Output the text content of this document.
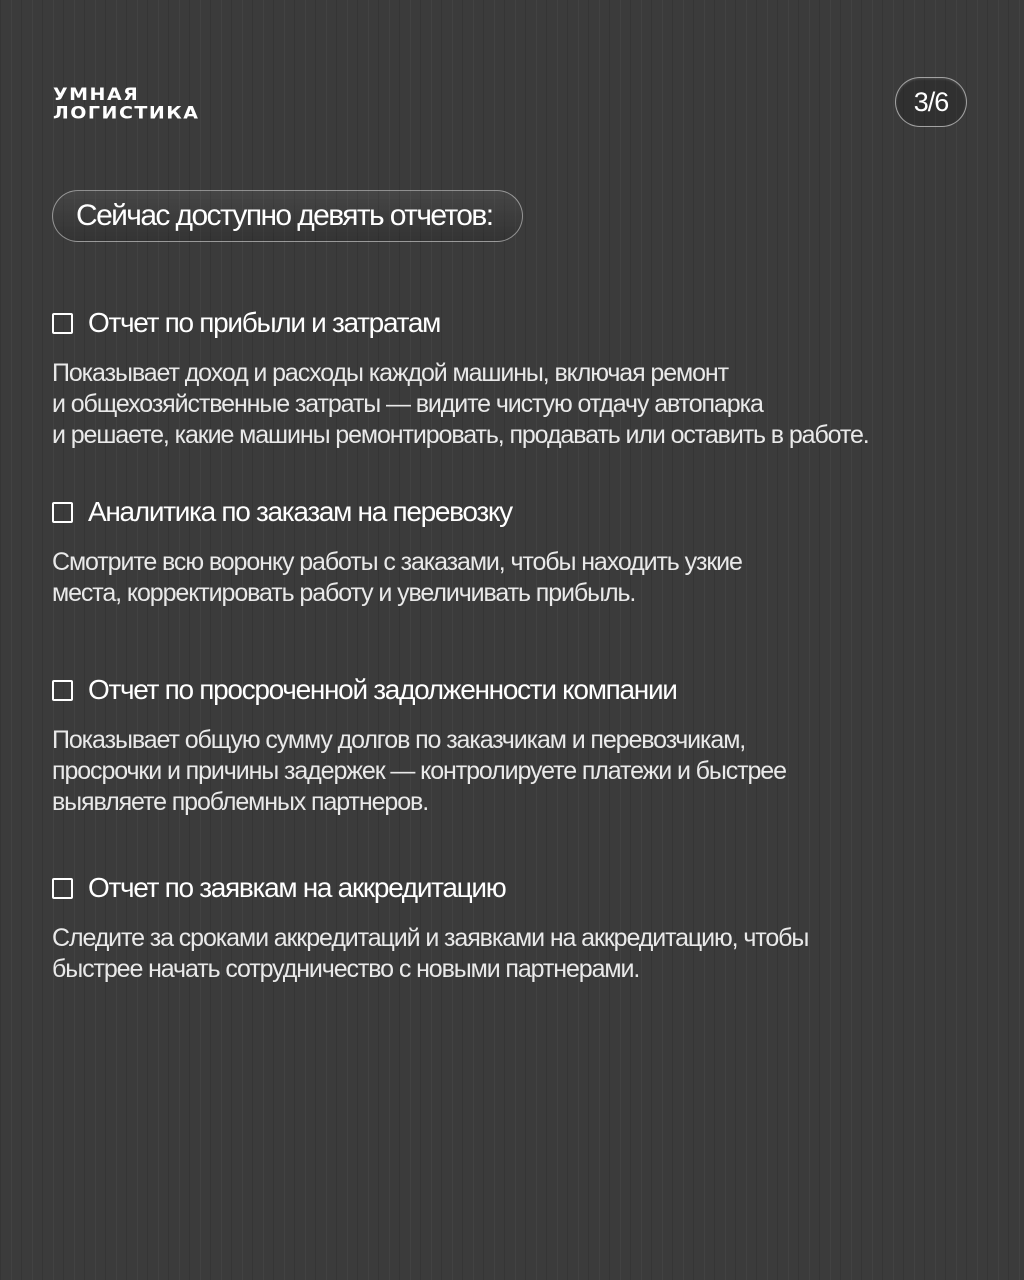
УМНАЯ
ЛОГИСТИКА	3/6
Сейчас доступно девять отчетов:
Отчет по прибыли и затратам
Показывает доход и расходы каждой машины, включая ремонт
и общехозяйственные затраты — видите чистую отдачу автопарка
и решаете, какие машины ремонтировать, продавать или оставить в работе.
Аналитика по заказам на перевозку
Смотрите всю воронку работы с заказами, чтобы находить узкие
места, корректировать работу и увеличивать прибыль.
Отчет по просроченной задолженности компании
Показывает общую сумму долгов по заказчикам и перевозчикам,
просрочки и причины задержек — контролируете платежи и быстрее
выявляете проблемных партнеров.
Отчет по заявкам на аккредитацию
Следите за сроками аккредитаций и заявками на аккредитацию, чтобы
быстрее начать сотрудничество с новыми партнерами.
